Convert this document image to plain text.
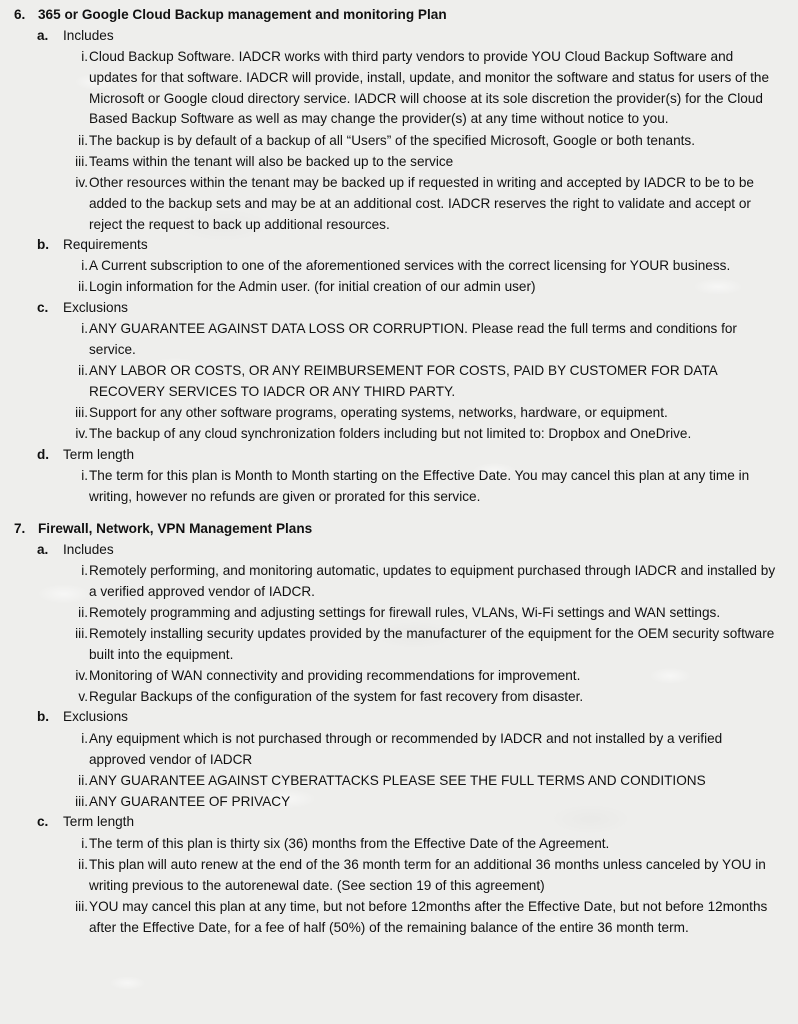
6. 365 or Google Cloud Backup management and monitoring Plan
a. Includes
i. Cloud Backup Software. IADCR works with third party vendors to provide YOU Cloud Backup Software and updates for that software. IADCR will provide, install, update, and monitor the software and status for users of the Microsoft or Google cloud directory service. IADCR will choose at its sole discretion the provider(s) for the Cloud Based Backup Software as well as may change the provider(s) at any time without notice to you.
ii. The backup is by default of a backup of all “Users” of the specified Microsoft, Google or both tenants.
iii. Teams within the tenant will also be backed up to the service
iv. Other resources within the tenant may be backed up if requested in writing and accepted by IADCR to be to be added to the backup sets and may be at an additional cost. IADCR reserves the right to validate and accept or reject the request to back up additional resources.
b. Requirements
i. A Current subscription to one of the aforementioned services with the correct licensing for YOUR business.
ii. Login information for the Admin user. (for initial creation of our admin user)
c. Exclusions
i. ANY GUARANTEE AGAINST DATA LOSS OR CORRUPTION. Please read the full terms and conditions for service.
ii. ANY LABOR OR COSTS, OR ANY REIMBURSEMENT FOR COSTS, PAID BY CUSTOMER FOR DATA RECOVERY SERVICES TO IADCR OR ANY THIRD PARTY.
iii. Support for any other software programs, operating systems, networks, hardware, or equipment.
iv. The backup of any cloud synchronization folders including but not limited to: Dropbox and OneDrive.
d. Term length
i. The term for this plan is Month to Month starting on the Effective Date. You may cancel this plan at any time in writing, however no refunds are given or prorated for this service.
7. Firewall, Network, VPN Management Plans
a. Includes
i. Remotely performing, and monitoring automatic, updates to equipment purchased through IADCR and installed by a verified approved vendor of IADCR.
ii. Remotely programming and adjusting settings for firewall rules, VLANs, Wi-Fi settings and WAN settings.
iii. Remotely installing security updates provided by the manufacturer of the equipment for the OEM security software built into the equipment.
iv. Monitoring of WAN connectivity and providing recommendations for improvement.
v. Regular Backups of the configuration of the system for fast recovery from disaster.
b. Exclusions
i. Any equipment which is not purchased through or recommended by IADCR and not installed by a verified approved vendor of IADCR
ii. ANY GUARANTEE AGAINST CYBERATTACKS PLEASE SEE THE FULL TERMS AND CONDITIONS
iii. ANY GUARANTEE OF PRIVACY
c. Term length
i. The term of this plan is thirty six (36) months from the Effective Date of the Agreement.
ii. This plan will auto renew at the end of the 36 month term for an additional 36 months unless canceled by YOU in writing previous to the autorenewal date. (See section 19 of this agreement)
iii. YOU may cancel this plan at any time, but not before 12months after the Effective Date, but not before 12months after the Effective Date, for a fee of half (50%) of the remaining balance of the entire 36 month term.
